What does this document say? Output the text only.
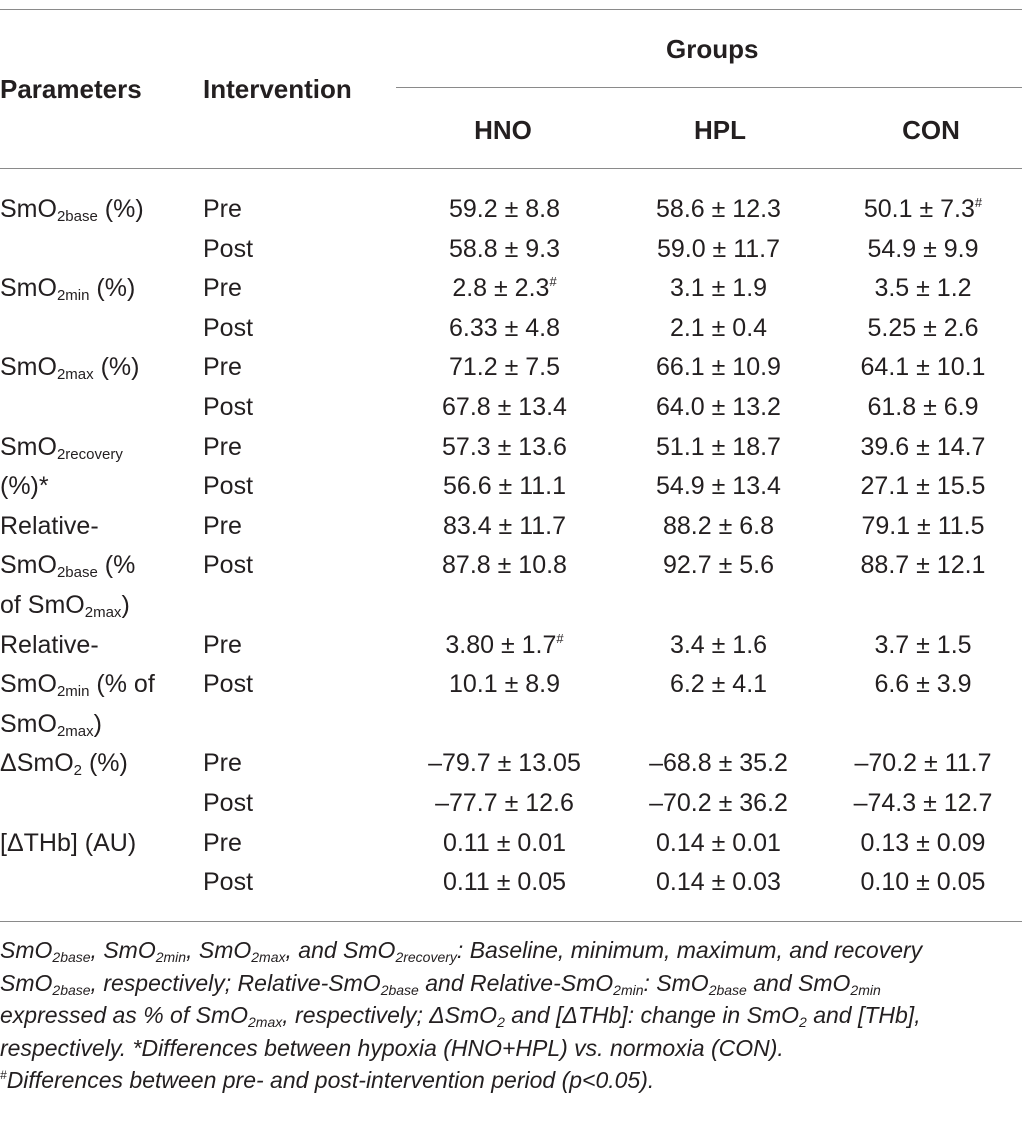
Parameters Intervention
Groups
HNO	HPL	CON
SmO$_{2base}$ (%)	Pre	59.2 ± 8.8	58.6 ± 12.3	50.1 ± 7.3#
	Post	58.8 ± 9.3	59.0 ± 11.7	54.9 ± 9.9
SmO$_{2min}$ (%)	Pre	2.8 ± 2.3#	3.1 ± 1.9	3.5 ± 1.2
	Post	6.33 ± 4.8	2.1 ± 0.4	5.25 ± 2.6
SmO$_{2max}$ (%)	Pre	71.2 ± 7.5	66.1 ± 10.9	64.1 ± 10.1
	Post	67.8 ± 13.4	64.0 ± 13.2	61.8 ± 6.9
SmO$_{2recovery}$	Pre	57.3 ± 13.6	51.1 ± 18.7	39.6 ± 14.7
(%)*	Post	56.6 ± 11.1	54.9 ± 13.4	27.1 ± 15.5
Relative-	Pre	83.4 ± 11.7	88.2 ± 6.8	79.1 ± 11.5
SmO$_{2base}$ (%	Post	87.8 ± 10.8	92.7 ± 5.6	88.7 ± 12.1
of SmO$_{2max}$)				
Relative-	Pre	3.80 ± 1.7#	3.4 ± 1.6	3.7 ± 1.5
SmO$_{2min}$ (% of	Post	10.1 ± 8.9	6.2 ± 4.1	6.6 ± 3.9
SmO$_{2max}$)				
ΔSmO$_2$ (%)	Pre	–79.7 ± 13.05	–68.8 ± 35.2	–70.2 ± 11.7
	Post	–77.7 ± 12.6	–70.2 ± 36.2	–74.3 ± 12.7
[ΔTHb] (AU)	Pre	0.11 ± 0.01	0.14 ± 0.01	0.13 ± 0.09
	Post	0.11 ± 0.05	0.14 ± 0.03	0.10 ± 0.05
SmO$_{2base}$, SmO$_{2min}$, SmO$_{2max}$, and SmO$_{2recovery}$: Baseline, minimum, maximum, and recovery
SmO$_{2base}$, respectively; Relative-SmO$_{2base}$ and Relative-SmO$_{2min}$: SmO$_{2base}$ and SmO$_{2min}$
expressed as % of SmO$_{2max}$, respectively; ΔSmO$_2$ and [ΔTHb]: change in SmO$_2$ and [THb],
respectively. *Differences between hypoxia (HNO+HPL) vs. normoxia (CON).
#Differences between pre- and post-intervention period (p<0.05).
